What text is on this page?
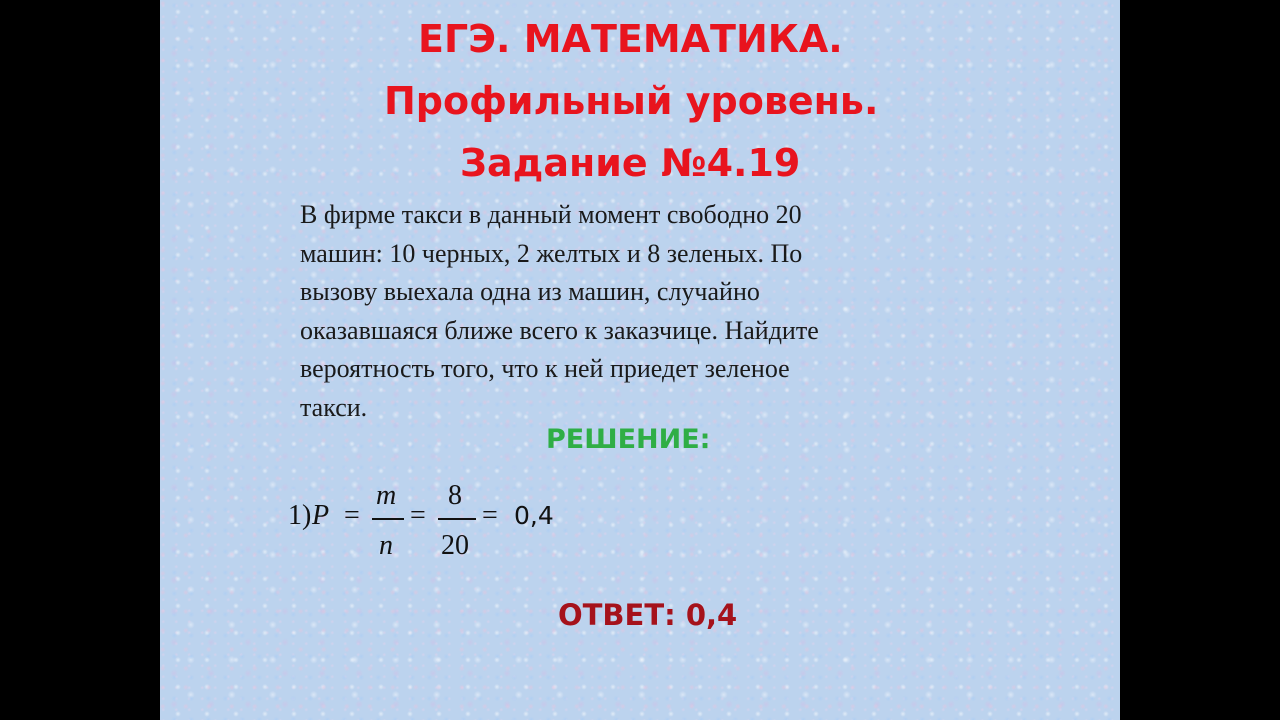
ЕГЭ. МАТЕМАТИКА.
Профильный уровень.
Задание №4.19

В фирме такси в данный момент свободно 20
машин: 10 черных, 2 желтых и 8 зеленых. По
вызову выехала одна из машин, случайно
оказавшаяся ближе всего к заказчице. Найдите
вероятность того, что к ней приедет зеленое
такси.

РЕШЕНИЕ:

1) P =
m
n
=
8
20
= 0,4

ОТВЕТ: 0,4
